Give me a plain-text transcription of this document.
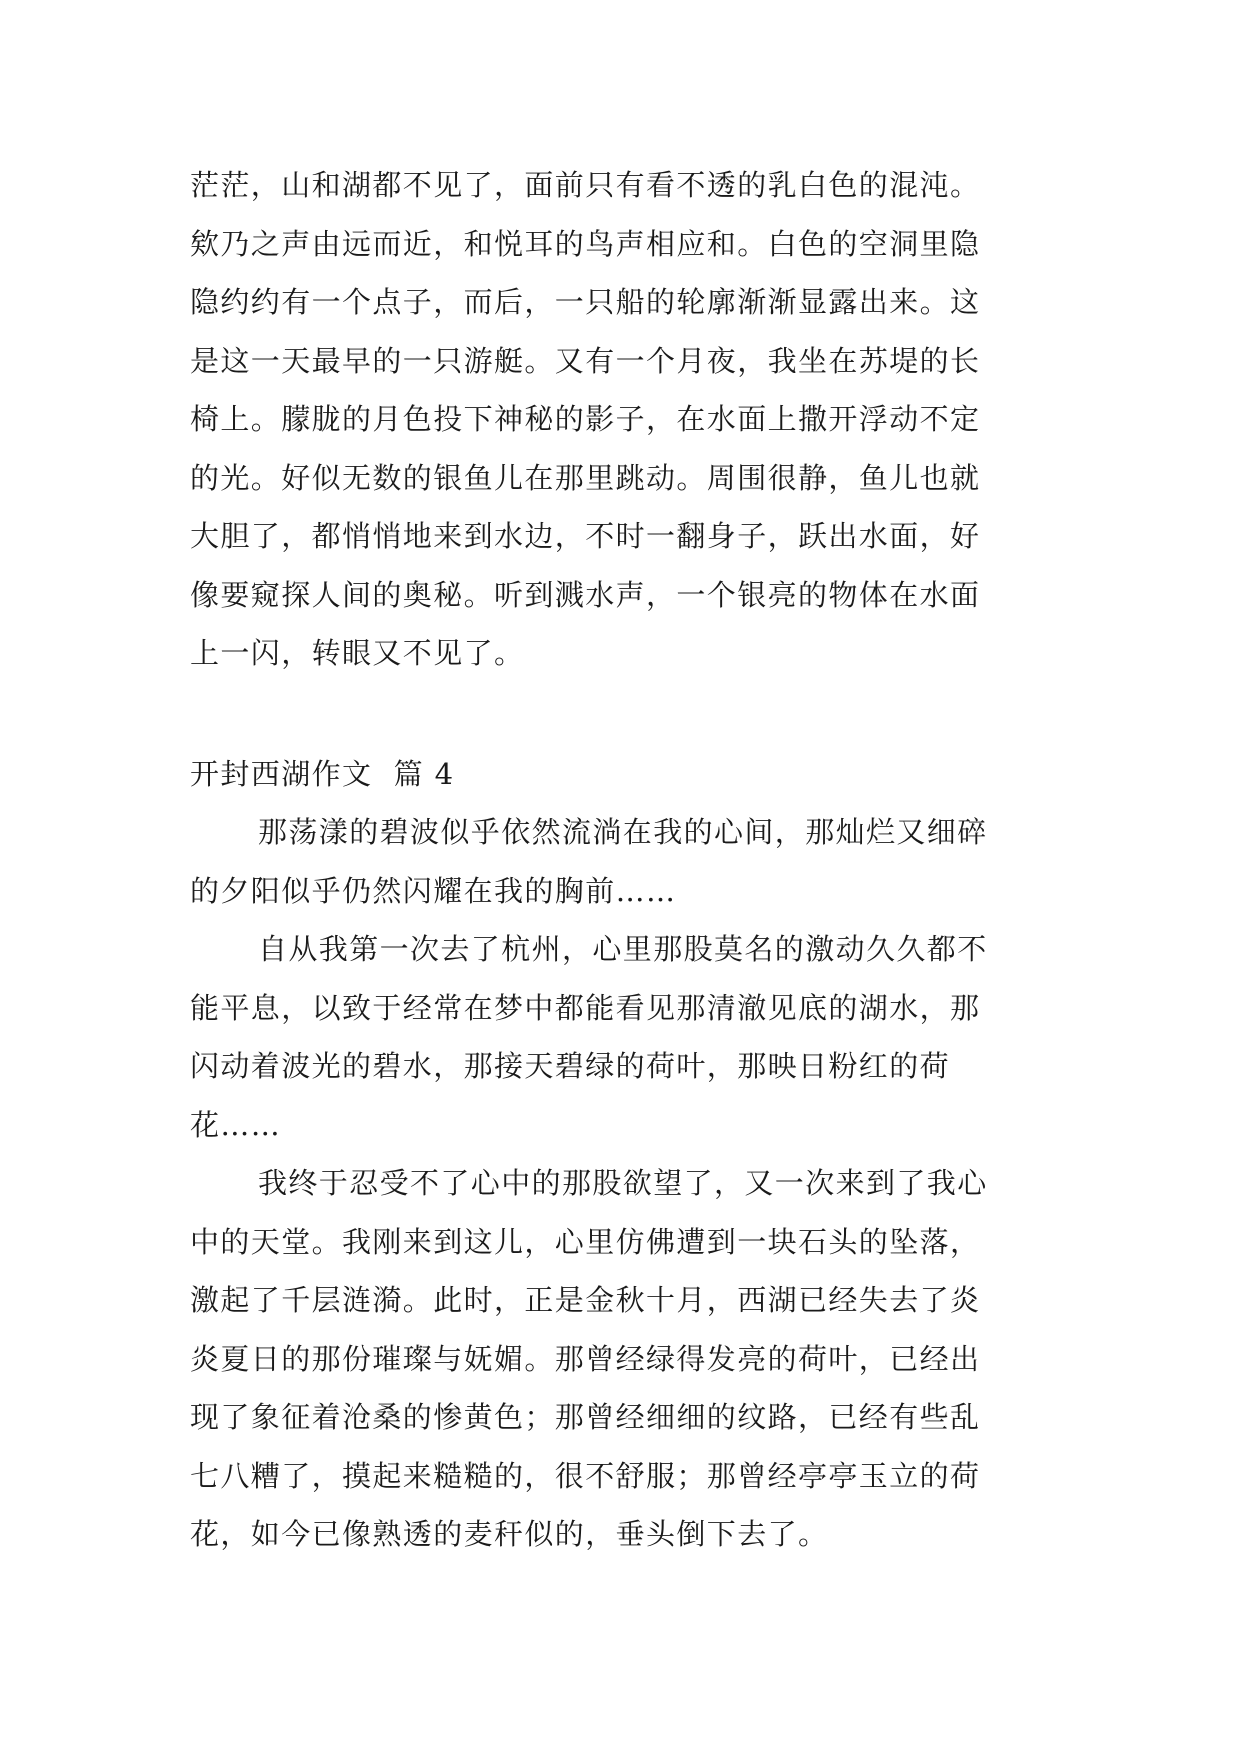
茫茫，山和湖都不见了，面前只有看不透的乳白色的混沌。
欸乃之声由远而近，和悦耳的鸟声相应和。白色的空洞里隐
隐约约有一个点子，而后，一只船的轮廓渐渐显露出来。这
是这一天最早的一只游艇。又有一个月夜，我坐在苏堤的长
椅上。朦胧的月色投下神秘的影子，在水面上撒开浮动不定
的光。好似无数的银鱼儿在那里跳动。周围很静，鱼儿也就
大胆了，都悄悄地来到水边，不时一翻身子，跃出水面，好
像要窥探人间的奥秘。听到溅水声，一个银亮的物体在水面
上一闪，转眼又不见了。
开封西湖作文  篇 4
那荡漾的碧波似乎依然流淌在我的心间，那灿烂又细碎
的夕阳似乎仍然闪耀在我的胸前……
自从我第一次去了杭州，心里那股莫名的激动久久都不
能平息，以致于经常在梦中都能看见那清澈见底的湖水，那
闪动着波光的碧水，那接天碧绿的荷叶，那映日粉红的荷
花……
我终于忍受不了心中的那股欲望了，又一次来到了我心
中的天堂。我刚来到这儿，心里仿佛遭到一块石头的坠落，
激起了千层涟漪。此时，正是金秋十月，西湖已经失去了炎
炎夏日的那份璀璨与妩媚。那曾经绿得发亮的荷叶，已经出
现了象征着沧桑的惨黄色；那曾经细细的纹路，已经有些乱
七八糟了，摸起来糙糙的，很不舒服；那曾经亭亭玉立的荷
花，如今已像熟透的麦秆似的，垂头倒下去了。
